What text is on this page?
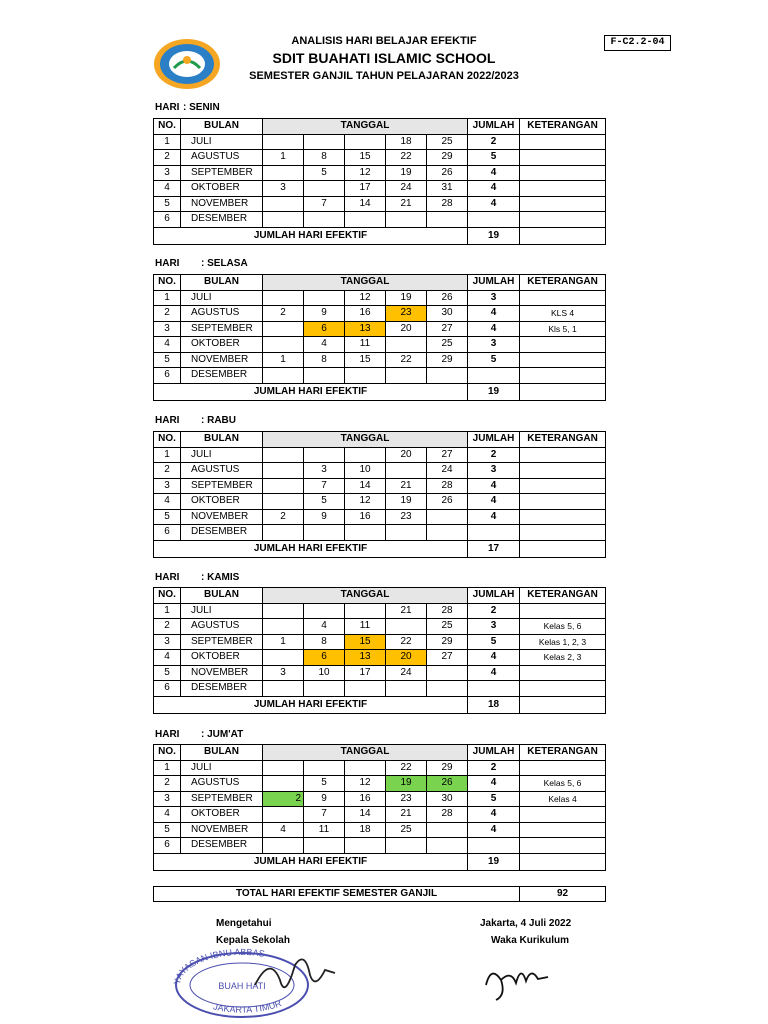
ANALISIS HARI BELAJAR EFEKTIF
SDIT BUAHATI ISLAMIC SCHOOL
SEMESTER GANJIL TAHUN PELAJARAN 2022/2023
F-C2.2-04
HARI : SENIN
NO.	BULAN	TANGGAL					JUMLAH	KETERANGAN
1	JULI				18	25	2	
2	AGUSTUS	1	8	15	22	29	5	
3	SEPTEMBER		5	12	19	26	4	
4	OKTOBER	3		17	24	31	4	
5	NOVEMBER		7	14	21	28	4	
6	DESEMBER							
JUMLAH HARI EFEKTIF							19	
HARI : SELASA
NO.	BULAN	TANGGAL					JUMLAH	KETERANGAN
1	JULI			12	19	26	3	
2	AGUSTUS	2	9	16	23	30	4	KLS 4
3	SEPTEMBER		6	13	20	27	4	Kls 5, 1
4	OKTOBER		4	11		25	3	
5	NOVEMBER	1	8	15	22	29	5	
6	DESEMBER							
JUMLAH HARI EFEKTIF							19	
HARI : RABU
NO.	BULAN	TANGGAL					JUMLAH	KETERANGAN
1	JULI				20	27	2	
2	AGUSTUS		3	10		24	3	
3	SEPTEMBER		7	14	21	28	4	
4	OKTOBER		5	12	19	26	4	
5	NOVEMBER	2	9	16	23		4	
6	DESEMBER							
JUMLAH HARI EFEKTIF							17	
HARI : KAMIS
NO.	BULAN	TANGGAL					JUMLAH	KETERANGAN
1	JULI				21	28	2	
2	AGUSTUS		4	11		25	3	Kelas 5, 6
3	SEPTEMBER	1	8	15	22	29	5	Kelas 1, 2, 3
4	OKTOBER		6	13	20	27	4	Kelas 2, 3
5	NOVEMBER	3	10	17	24		4	
6	DESEMBER							
JUMLAH HARI EFEKTIF							18	
HARI : JUM'AT
NO.	BULAN	TANGGAL					JUMLAH	KETERANGAN
1	JULI				22	29	2	
2	AGUSTUS		5	12	19	26	4	Kelas 5, 6
3	SEPTEMBER	2	9	16	23	30	5	Kelas 4
4	OKTOBER		7	14	21	28	4	
5	NOVEMBER	4	11	18	25		4	
6	DESEMBER							
JUMLAH HARI EFEKTIF							19	
TOTAL HARI EFEKTIF SEMESTER GANJIL	92
Mengetahui
Kepala Sekolah
Jakarta, 4 Juli 2022
Waka Kurikulum
YAYASAN IBNU ABBAS
BUAH HATI
JAKARTA TIMUR
